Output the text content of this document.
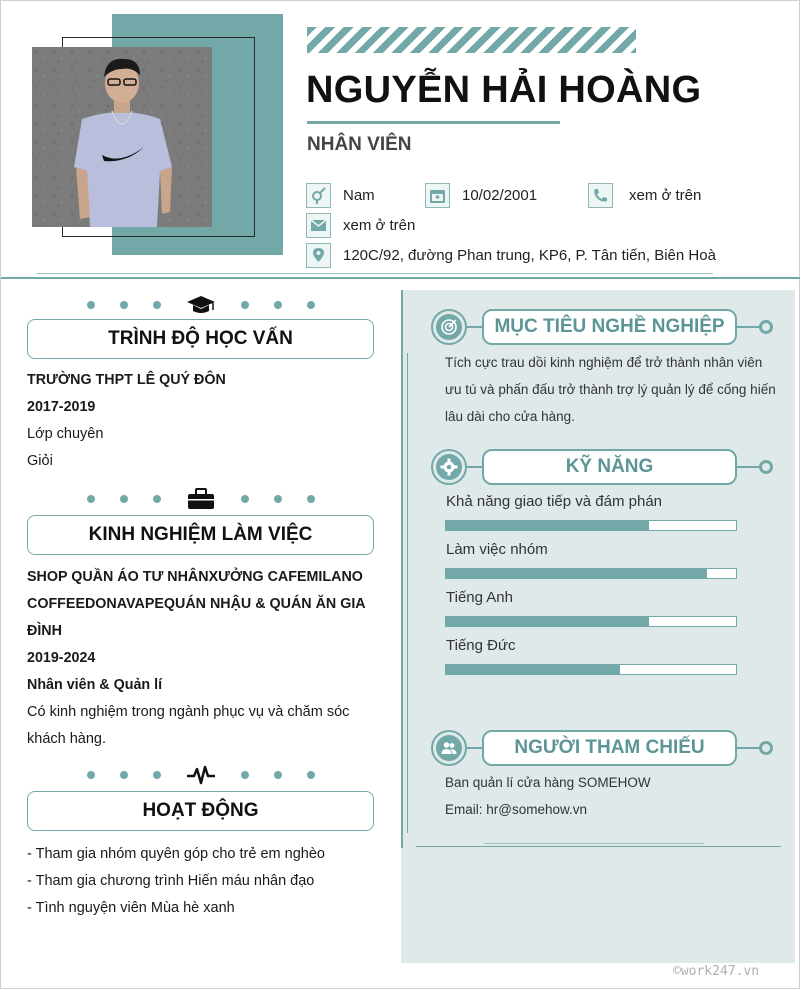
NGUYỄN HẢI HOÀNG
NHÂN VIÊN
Nam	10/02/2001	xem ở trên
xem ở trên
120C/92, đường Phan trung, KP6, P. Tân tiến, Biên Hoà
TRÌNH ĐỘ HỌC VẤN
TRƯỜNG THPT LÊ QUÝ ĐÔN
2017-2019
Lớp chuyên
Giỏi
KINH NGHIỆM LÀM VIỆC
SHOP QUẦN ÁO TƯ NHÂNXƯỞNG CAFEMILANO COFFEEDONAVAPEQUÁN NHẬU & QUÁN ĂN GIA ĐÌNH
2019-2024
Nhân viên & Quản lí
Có kinh nghiệm trong ngành phục vụ và chăm sóc khách hàng.
HOẠT ĐỘNG
- Tham gia nhóm quyên góp cho trẻ em nghèo
- Tham gia chương trình Hiến máu nhân đạo
- Tình nguyện viên Mùa hè xanh
MỤC TIÊU NGHỀ NGHIỆP
Tích cực trau dồi kinh nghiệm để trở thành nhân viên ưu tú và phấn đấu trở thành trợ lý quản lý để cống hiến lâu dài cho cửa hàng.
KỸ NĂNG
Khả năng giao tiếp và đám phán
Làm việc nhóm
Tiếng Anh
Tiếng Đức
NGƯỜI THAM CHIẾU
Ban quản lí cửa hàng SOMEHOW
Email: hr@somehow.vn
©work247.vn
